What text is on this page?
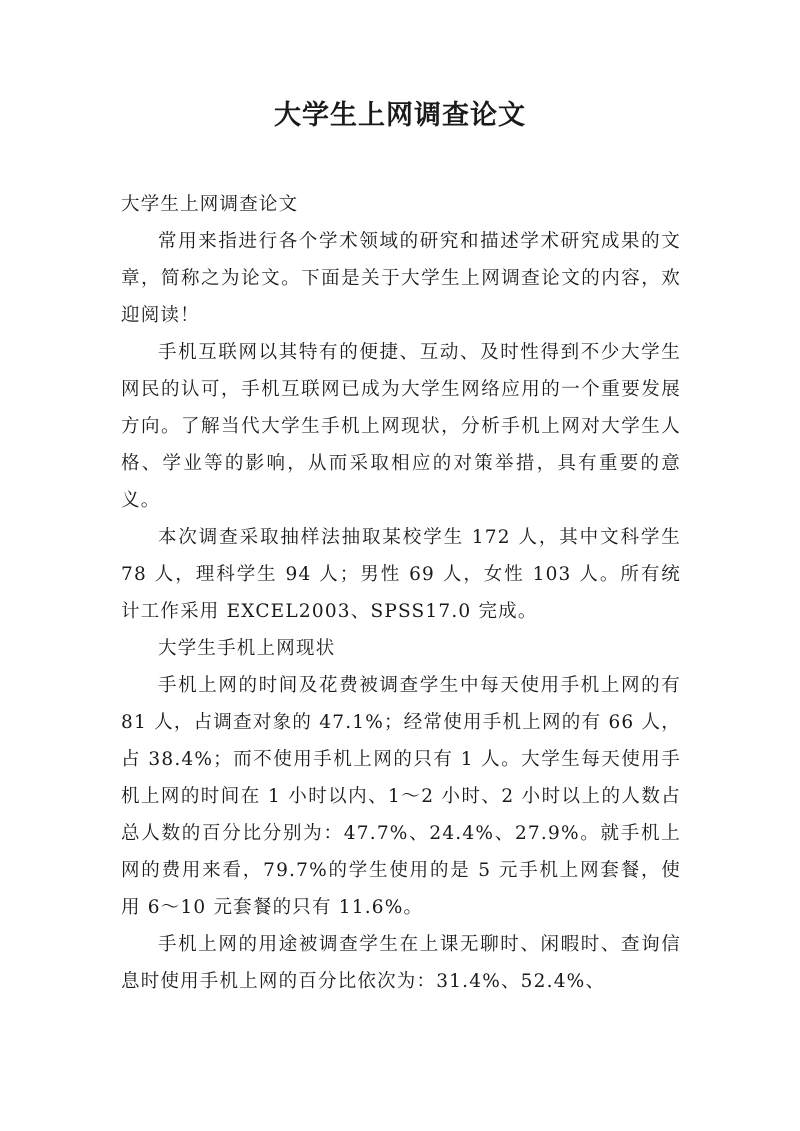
大学生上网调查论文

大学生上网调查论文

常用来指进行各个学术领域的研究和描述学术研究成果的文章，简称之为论文。下面是关于大学生上网调查论文的内容，欢迎阅读！

手机互联网以其特有的便捷、互动、及时性得到不少大学生网民的认可，手机互联网已成为大学生网络应用的一个重要发展方向。了解当代大学生手机上网现状，分析手机上网对大学生人格、学业等的影响，从而采取相应的对策举措，具有重要的意义。

本次调查采取抽样法抽取某校学生 172 人，其中文科学生 78 人，理科学生 94 人；男性 69 人，女性 103 人。所有统计工作采用 EXCEL2003、SPSS17.0 完成。

大学生手机上网现状

手机上网的时间及花费被调查学生中每天使用手机上网的有 81 人，占调查对象的 47.1%；经常使用手机上网的有 66 人，占 38.4%；而不使用手机上网的只有 1 人。大学生每天使用手机上网的时间在 1 小时以内、1～2 小时、2 小时以上的人数占总人数的百分比分别为：47.7%、24.4%、27.9%。就手机上网的费用来看，79.7%的学生使用的是 5 元手机上网套餐，使用 6～10 元套餐的只有 11.6%。

手机上网的用途被调查学生在上课无聊时、闲暇时、查询信息时使用手机上网的百分比依次为：31.4%、52.4%、
